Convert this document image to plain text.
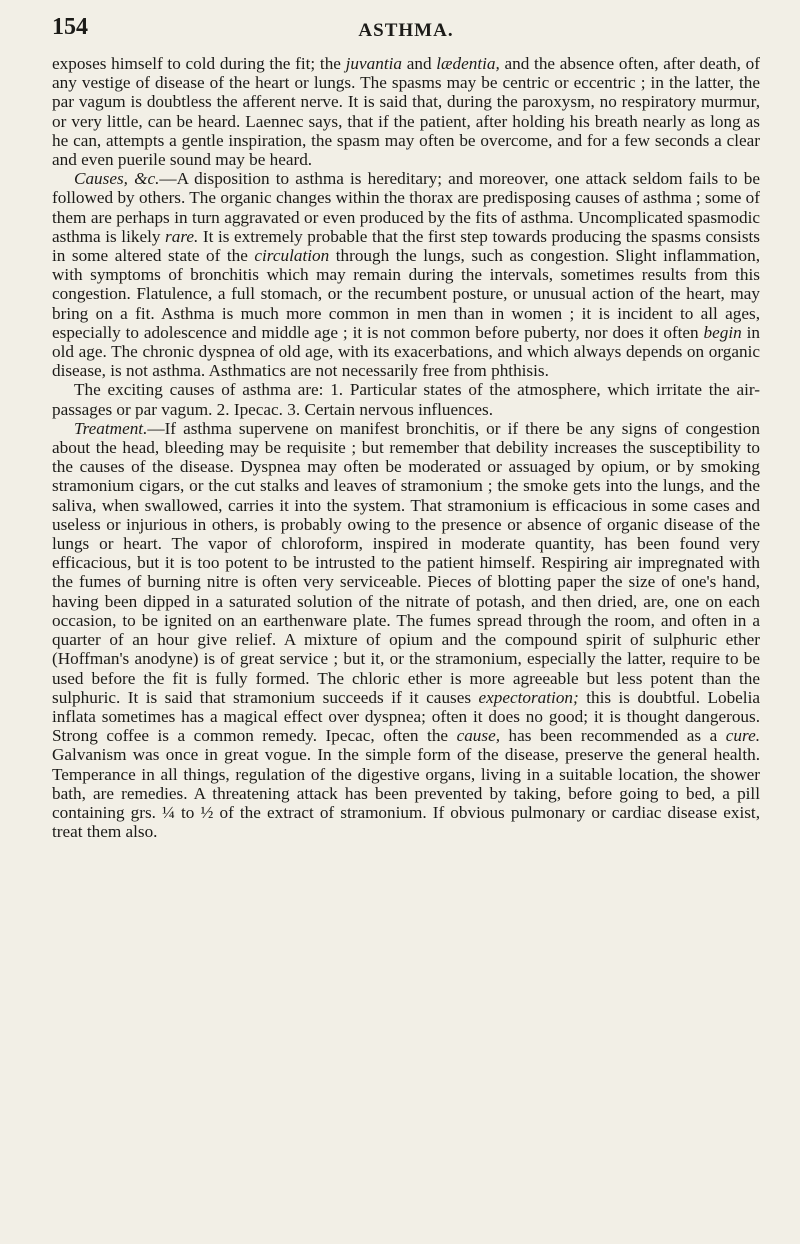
154	ASTHMA.

exposes himself to cold during the fit; the juvantia and lædentia, and the absence often, after death, of any vestige of disease of the heart or lungs. The spasms may be centric or eccentric ; in the latter, the par vagum is doubtless the afferent nerve. It is said that, during the paroxysm, no respiratory murmur, or very little, can be heard. Laennec says, that if the patient, after holding his breath nearly as long as he can, attempts a gentle inspiration, the spasm may often be overcome, and for a few seconds a clear and even puerile sound may be heard.

Causes, &c.—A disposition to asthma is hereditary; and moreover, one attack seldom fails to be followed by others. The organic changes within the thorax are predisposing causes of asthma ; some of them are perhaps in turn aggravated or even produced by the fits of asthma. Uncomplicated spasmodic asthma is likely rare. It is extremely probable that the first step towards producing the spasms consists in some altered state of the circulation through the lungs, such as congestion. Slight inflammation, with symptoms of bronchitis which may remain during the intervals, sometimes results from this congestion. Flatulence, a full stomach, or the recumbent posture, or unusual action of the heart, may bring on a fit. Asthma is much more common in men than in women ; it is incident to all ages, especially to adolescence and middle age ; it is not common before puberty, nor does it often begin in old age. The chronic dyspnea of old age, with its exacerbations, and which always depends on organic disease, is not asthma. Asthmatics are not necessarily free from phthisis.

The exciting causes of asthma are: 1. Particular states of the atmosphere, which irritate the air-passages or par vagum. 2. Ipecac. 3. Certain nervous influences.

Treatment.—If asthma supervene on manifest bronchitis, or if there be any signs of congestion about the head, bleeding may be requisite ; but remember that debility increases the susceptibility to the causes of the disease. Dyspnea may often be moderated or assuaged by opium, or by smoking stramonium cigars, or the cut stalks and leaves of stramonium ; the smoke gets into the lungs, and the saliva, when swallowed, carries it into the system. That stramonium is efficacious in some cases and useless or injurious in others, is probably owing to the presence or absence of organic disease of the lungs or heart. The vapor of chloroform, inspired in moderate quantity, has been found very efficacious, but it is too potent to be intrusted to the patient himself. Respiring air impregnated with the fumes of burning nitre is often very serviceable. Pieces of blotting paper the size of one's hand, having been dipped in a saturated solution of the nitrate of potash, and then dried, are, one on each occasion, to be ignited on an earthenware plate. The fumes spread through the room, and often in a quarter of an hour give relief. A mixture of opium and the compound spirit of sulphuric ether (Hoffman's anodyne) is of great service ; but it, or the stramonium, especially the latter, require to be used before the fit is fully formed. The chloric ether is more agreeable but less potent than the sulphuric. It is said that stramonium succeeds if it causes expectoration; this is doubtful. Lobelia inflata sometimes has a magical effect over dyspnea; often it does no good; it is thought dangerous. Strong coffee is a common remedy. Ipecac, often the cause, has been recommended as a cure. Galvanism was once in great vogue. In the simple form of the disease, preserve the general health. Temperance in all things, regulation of the digestive organs, living in a suitable location, the shower bath, are remedies. A threatening attack has been prevented by taking, before going to bed, a pill containing grs. ¼ to ½ of the extract of stramonium. If obvious pulmonary or cardiac disease exist, treat them also.
